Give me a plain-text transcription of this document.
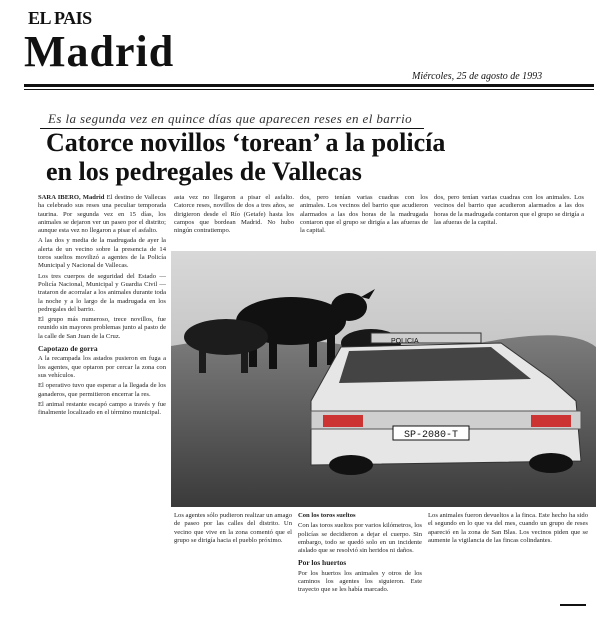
EL PAIS
Madrid
Miércoles, 25 de agosto de 1993
Es la segunda vez en quince días que aparecen reses en el barrio
Catorce novillos ‘torean’ a la policía
en los pedregales de Vallecas

SARA IBERO, Madrid El destino de Vallecas ha celebrado sus reses una peculiar temporada taurina. Por segunda vez en 15 días, los animales se dejaron ver un paseo por el distrito; aunque esta vez no llegaron a pisar el asfalto.

A las dos y media de la madrugada de ayer la alerta de un vecino sobre la presencia de 14 toros sueltos movilizó a agentes de la Policía Municipal y Nacional de Vallecas.

Los tres cuerpos de seguridad del Estado — Policía Nacional, Municipal y Guardia Civil — trataron de acorralar a los animales durante toda la noche y a lo largo de la madrugada en los pedregales del barrio.

El grupo más numeroso, trece novillos, fue reunido sin mayores problemas junto al pasto de la calle de San Juan de la Cruz.

Capotazo de gorra

A la recampada los astados pusieron en fuga a los agentes, que optaron por cercar la zona con sus vehículos.

El operativo tuvo que esperar a la llegada de los ganaderos, que permitieron encerrar la res.

El animal restante escapó campo a través y fue finalmente localizado en el término municipal.

asta vez no llegaron a pisar el asfalto. Catorce reses, novillos de dos a tres años, se dirigieron desde el Río (Getafe) hasta los campos que bordean Madrid. No hubo ningún contratiempo.

dos, pero tenían varias cuadras con los animales. Los vecinos del barrio que acudieron alarmados a las dos horas de la madrugada contaron que el grupo se dirigía a las afueras de la capital.

dos, pero tenían varias cuadras con los animales. Los vecinos del barrio que acudieron alarmados a las dos horas de la madrugada contaron que el grupo se dirigía a las afueras de la capital.

SP-2080-T
POLICIA

Los agentes sólo pudieron realizar un amago de paseo por las calles del distrito. Un vecino que vive en la zona comentó que el grupo se dirigía hacia el pueblo próximo.

Con los toros sueltos

Con las toros sueltos por varios kilómetros, los policías se decidieron a dejar el cuerpo. Sin embargo, todo se quedó solo en un incidente aislado que se resolvió sin heridos ni daños.

Por los huertos

Por los huertos los animales y otros de los caminos los agentes los siguieron. Este trayecto que se les había marcado.

Los animales fueron devueltos a la finca. Este hecho ha sido el segundo en lo que va del mes, cuando un grupo de reses apareció en la zona de San Blas. Los vecinos piden que se aumente la vigilancia de las fincas colindantes.
